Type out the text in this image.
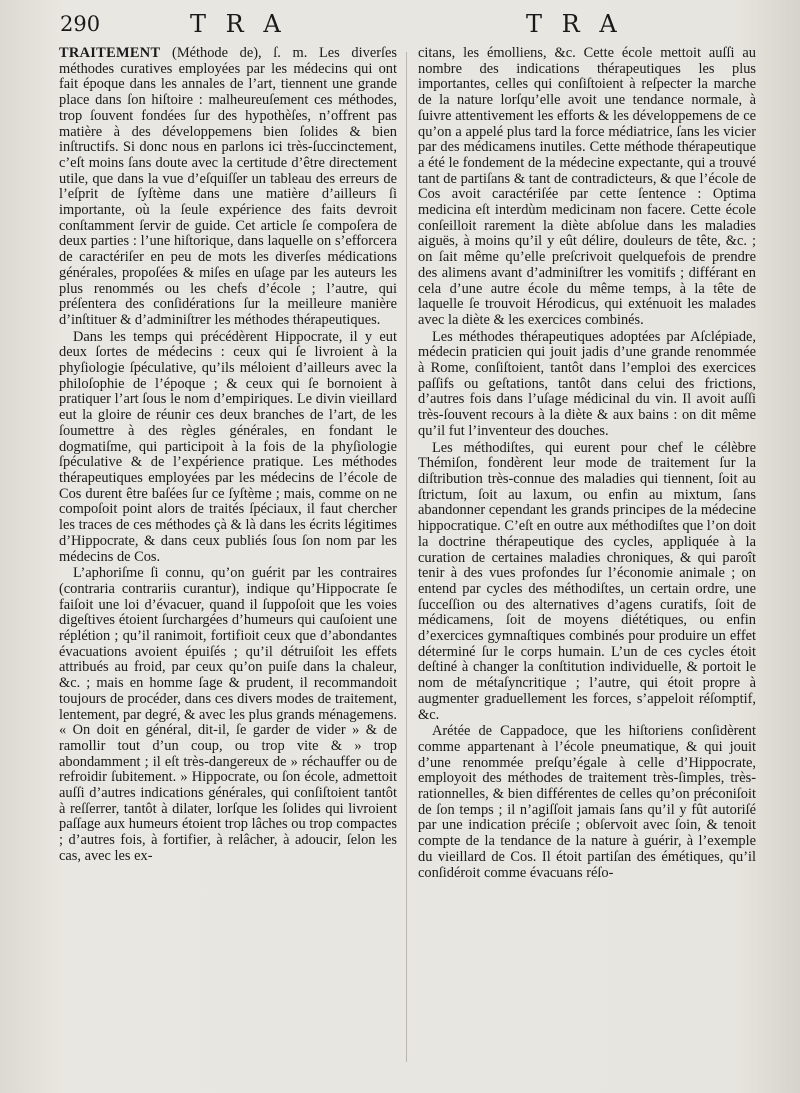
290	T R A	T R A

TRAITEMENT (Méthode de), ſ. m. Les diverſes méthodes curatives employées par les médecins qui ont fait époque dans les annales de l’art, tiennent une grande place dans ſon hiſtoire : malheureuſement ces méthodes, trop ſouvent fondées ſur des hypothèſes, n’offrent pas matière à des développemens bien ſolides & bien inſtructifs. Si donc nous en parlons ici très-ſuccinctement, c’eſt moins ſans doute avec la certitude d’être directement utile, que dans la vue d’eſquiſſer un tableau des erreurs de l’eſprit de ſyſtème dans une matière d’ailleurs ſi importante, où la ſeule expérience des faits devroit conſtamment ſervir de guide. Cet article ſe compoſera de deux parties : l’une hiſtorique, dans laquelle on s’efforcera de caractériſer en peu de mots les diverſes médications générales, propoſées & miſes en uſage par les auteurs les plus renommés ou les chefs d’école ; l’autre, qui préſentera des conſidérations ſur la meilleure manière d’inſtituer & d’adminiſtrer les méthodes thérapeutiques.

Dans les temps qui précédèrent Hippocrate, il y eut deux ſortes de médecins : ceux qui ſe livroient à la phyſiologie ſpéculative, qu’ils méloient d’ailleurs avec la philoſophie de l’époque ; & ceux qui ſe bornoient à pratiquer l’art ſous le nom d’empiriques. Le divin vieillard eut la gloire de réunir ces deux branches de l’art, de les ſoumettre à des règles générales, en fondant le dogmatiſme, qui participoit à la fois de la phyſiologie ſpéculative & de l’expérience pratique. Les méthodes thérapeutiques employées par les médecins de l’école de Cos durent être baſées ſur ce ſyſtème ; mais, comme on ne compoſoit point alors de traités ſpéciaux, il faut chercher les traces de ces méthodes çà & là dans les écrits légitimes d’Hippocrate, & dans ceux publiés ſous ſon nom par les médecins de Cos.

L’aphoriſme ſi connu, qu’on guérit par les contraires (contraria contrariis curantur), indique qu’Hippocrate ſe faiſoit une loi d’évacuer, quand il ſuppoſoit que les voies digeſtives étoient ſurchargées d’humeurs qui cauſoient une réplétion ; qu’il ranimoit, fortifioit ceux que d’abondantes évacuations avoient épuiſés ; qu’il détruiſoit les effets attribués au froid, par ceux qu’on puiſe dans la chaleur, &c. ; mais en homme ſage & prudent, il recommandoit toujours de procéder, dans ces divers modes de traitement, lentement, par degré, & avec les plus grands ménagemens. « On doit en général, dit-il, ſe garder de vider » & de ramollir tout d’un coup, ou trop vite & » trop abondamment ; il eſt très-dangereux de » réchauffer ou de refroidir ſubitement. » Hippocrate, ou ſon école, admettoit auſſi d’autres indications générales, qui conſiſtoient tantôt à reſſerrer, tantôt à dilater, lorſque les ſolides qui livroient paſſage aux humeurs étoient trop lâches ou trop compactes ; d’autres fois, à fortifier, à relâcher, à adoucir, ſelon les cas, avec les ex-

citans, les émolliens, &c. Cette école mettoit auſſi au nombre des indications thérapeutiques les plus importantes, celles qui conſiſtoient à reſpecter la marche de la nature lorſqu’elle avoit une tendance normale, à ſuivre attentivement les efforts & les développemens de ce qu’on a appelé plus tard la force médiatrice, ſans les vicier par des médicamens inutiles. Cette méthode thérapeutique a été le fondement de la médecine expectante, qui a trouvé tant de partiſans & tant de contradicteurs, & que l’école de Cos avoit caractériſée par cette ſentence : Optima medicina eſt interdùm medicinam non facere. Cette école conſeilloit rarement la diète abſolue dans les maladies aiguës, à moins qu’il y eût délire, douleurs de tête, &c. ; on ſait même qu’elle preſcrivoit quelquefois de prendre des alimens avant d’adminiſtrer les vomitifs ; différant en cela d’une autre école du même temps, à la tête de laquelle ſe trouvoit Hérodicus, qui exténuoit les malades avec la diète & les exercices combinés.

Les méthodes thérapeutiques adoptées par Aſclépiade, médecin praticien qui jouit jadis d’une grande renommée à Rome, conſiſtoient, tantôt dans l’emploi des exercices paſſifs ou geſtations, tantôt dans celui des frictions, d’autres fois dans l’uſage médicinal du vin. Il avoit auſſi très-ſouvent recours à la diète & aux bains : on dit même qu’il fut l’inventeur des douches.

Les méthodiſtes, qui eurent pour chef le célèbre Thémiſon, fondèrent leur mode de traitement ſur la diſtribution très-connue des maladies qui tiennent, ſoit au ſtrictum, ſoit au laxum, ou enfin au mixtum, ſans abandonner cependant les grands principes de la médecine hippocratique. C’eſt en outre aux méthodiſtes que l’on doit la doctrine thérapeutique des cycles, appliquée à la curation de certaines maladies chroniques, & qui paroît tenir à des vues profondes ſur l’économie animale ; on entend par cycles des méthodiſtes, un certain ordre, une ſucceſſion ou des alternatives d’agens curatifs, ſoit de médicamens, ſoit de moyens diététiques, ou enfin d’exercices gymnaſtiques combinés pour produire un effet déterminé ſur le corps humain. L’un de ces cycles étoit deſtiné à changer la conſtitution individuelle, & portoit le nom de métaſyncritique ; l’autre, qui étoit propre à augmenter graduellement les forces, s’appeloit réſomptif, &c.

Arétée de Cappadoce, que les hiſtoriens conſidèrent comme appartenant à l’école pneumatique, & qui jouit d’une renommée preſqu’égale à celle d’Hippocrate, employoit des méthodes de traitement très-ſimples, très-rationnelles, & bien différentes de celles qu’on préconiſoit de ſon temps ; il n’agiſſoit jamais ſans qu’il y fût autoriſé par une indication préciſe ; obſervoit avec ſoin, & tenoit compte de la tendance de la nature à guérir, à l’exemple du vieillard de Cos. Il étoit partiſan des émétiques, qu’il conſidéroit comme évacuans réſo-
